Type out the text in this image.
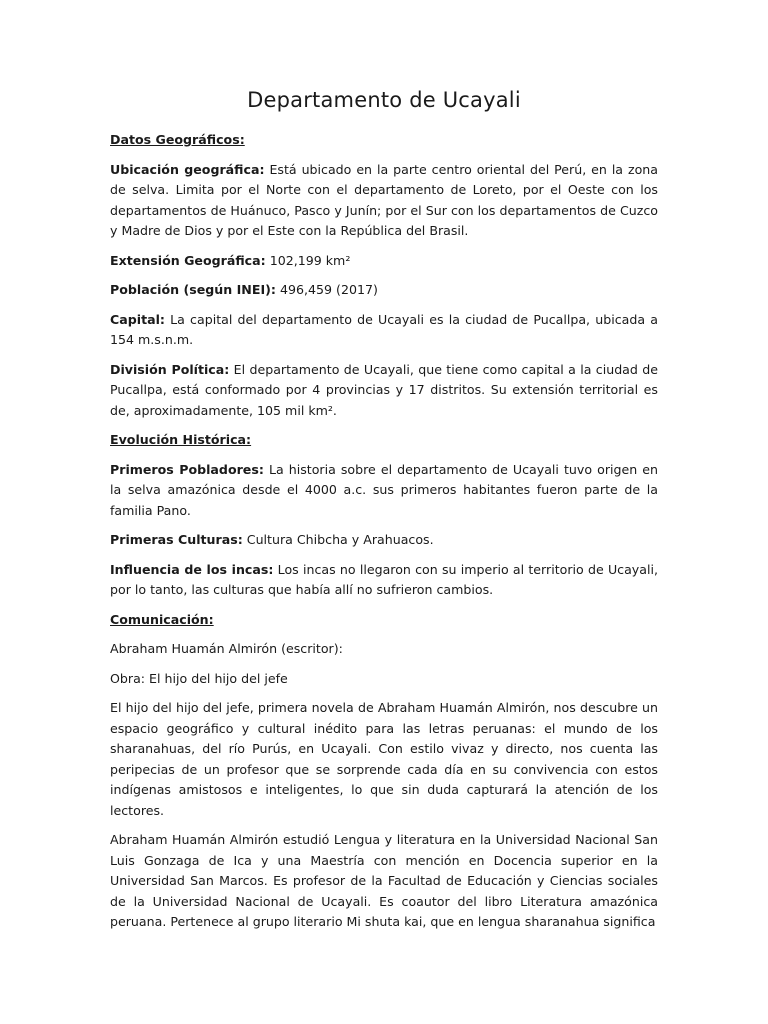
Departamento de Ucayali

Datos Geográficos:

Ubicación geográfica: Está ubicado en la parte centro oriental del Perú, en la zona de selva. Limita por el Norte con el departamento de Loreto, por el Oeste con los departamentos de Huánuco, Pasco y Junín; por el Sur con los departamentos de Cuzco y Madre de Dios y por el Este con la República del Brasil.

Extensión Geográfica: 102,199 km²

Población (según INEI): 496,459 (2017)

Capital: La capital del departamento de Ucayali es la ciudad de Pucallpa, ubicada a 154 m.s.n.m.

División Política: El departamento de Ucayali, que tiene como capital a la ciudad de Pucallpa, está conformado por 4 provincias y 17 distritos. Su extensión territorial es de, aproximadamente, 105 mil km².

Evolución Histórica:

Primeros Pobladores: La historia sobre el departamento de Ucayali tuvo origen en la selva amazónica desde el 4000 a.c. sus primeros habitantes fueron parte de la familia Pano.

Primeras Culturas: Cultura Chibcha y Arahuacos.

Influencia de los incas: Los incas no llegaron con su imperio al territorio de Ucayali, por lo tanto, las culturas que había allí no sufrieron cambios.

Comunicación:

Abraham Huamán Almirón (escritor):

Obra: El hijo del hijo del jefe

El hijo del hijo del jefe, primera novela de Abraham Huamán Almirón, nos descubre un espacio geográfico y cultural inédito para las letras peruanas: el mundo de los sharanahuas, del río Purús, en Ucayali. Con estilo vivaz y directo, nos cuenta las peripecias de un profesor que se sorprende cada día en su convivencia con estos indígenas amistosos e inteligentes, lo que sin duda capturará la atención de los lectores.

Abraham Huamán Almirón estudió Lengua y literatura en la Universidad Nacional San Luis Gonzaga de Ica y una Maestría con mención en Docencia superior en la Universidad San Marcos. Es profesor de la Facultad de Educación y Ciencias sociales de la Universidad Nacional de Ucayali. Es coautor del libro Literatura amazónica peruana. Pertenece al grupo literario Mi shuta kai, que en lengua sharanahua significa
